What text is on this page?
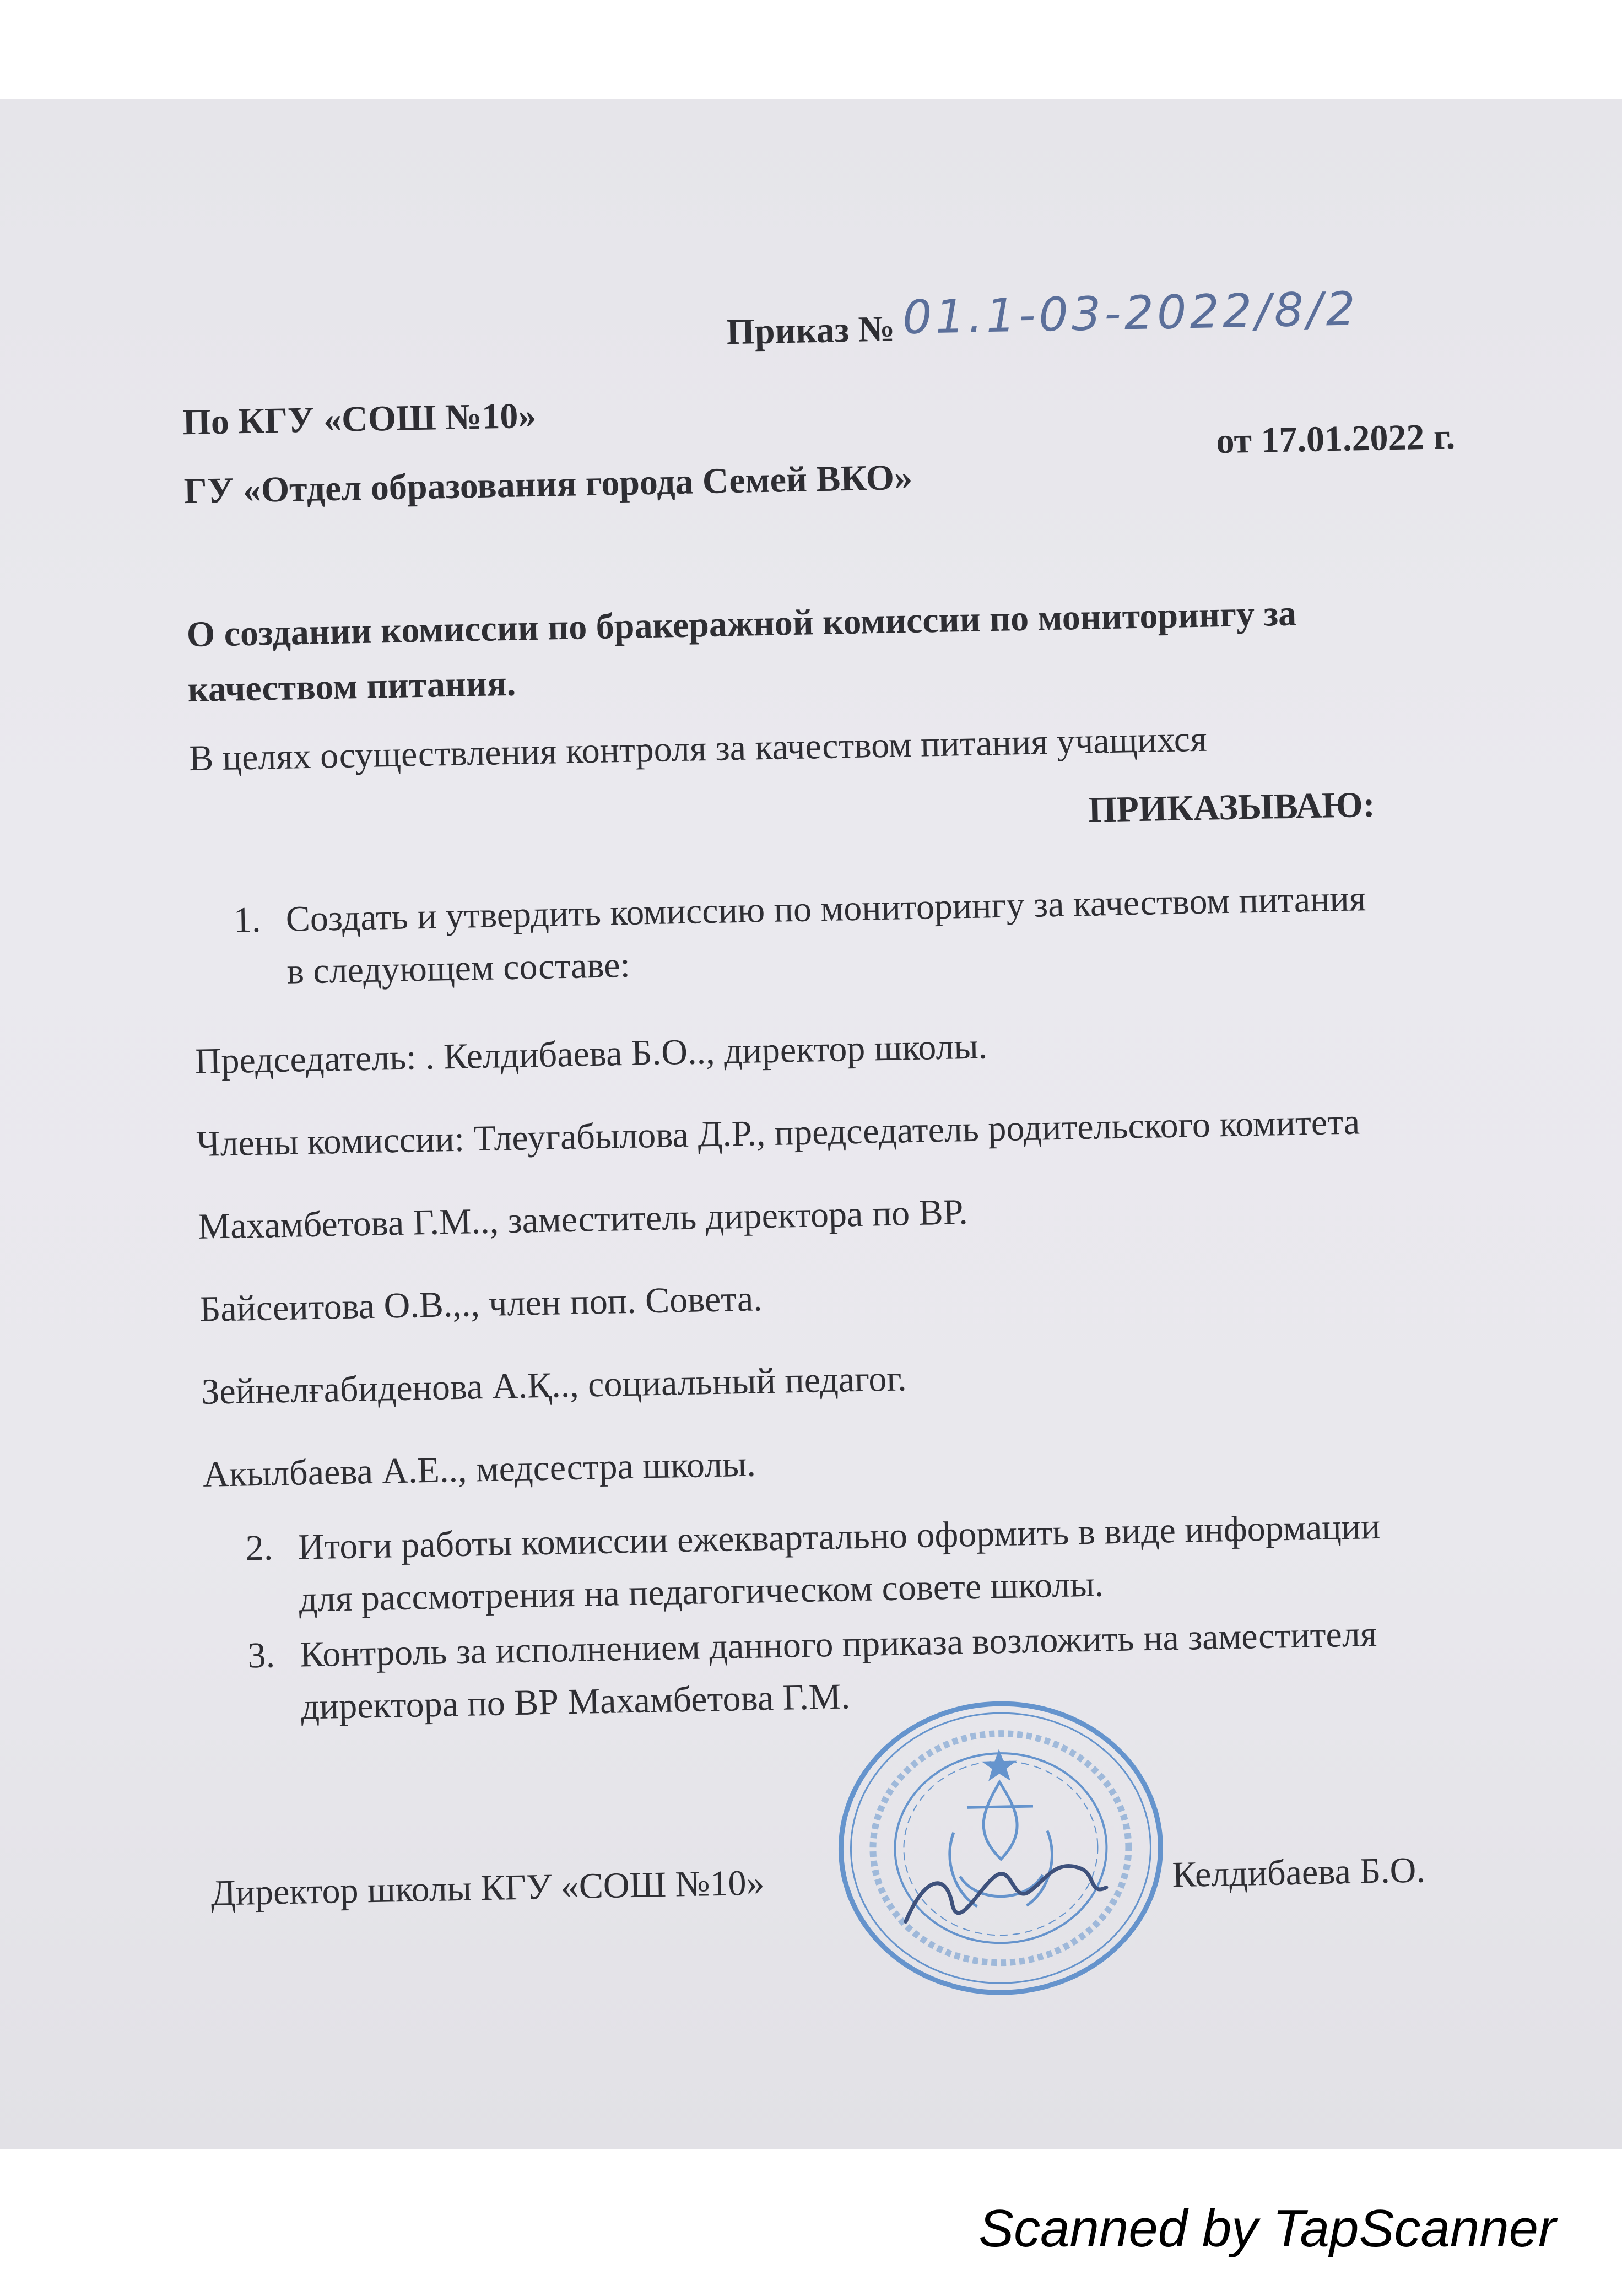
Приказ № 01.1-03-2022/8/2
По КГУ «СОШ №10»
ГУ «Отдел образования города Семей ВКО»
от 17.01.2022 г.
О создании комиссии по бракеражной комиссии по мониторингу за
качеством питания.
В целях осуществления контроля за качеством питания учащихся
ПРИКАЗЫВАЮ:
1. Создать и утвердить комиссию по мониторингу за качеством питания
в следующем составе:
Председатель: . Келдибаева Б.О.., директор школы.
Члены комиссии: Тлеугабылова Д.Р., председатель родительского комитета
Махамбетова Г.М.., заместитель директора по ВР.
Байсеитова О.В.,., член поп. Совета.
Зейнелғабиденова А.Қ.., социальный педагог.
Акылбаева А.Е.., медсестра школы.
2. Итоги работы комиссии ежеквартально оформить в виде информации
для рассмотрения на педагогическом совете школы.
3. Контроль за исполнением данного приказа возложить на заместителя
директора по ВР Махамбетова Г.М.
Директор школы КГУ «СОШ №10»	Келдибаева Б.О.
Scanned by TapScanner
